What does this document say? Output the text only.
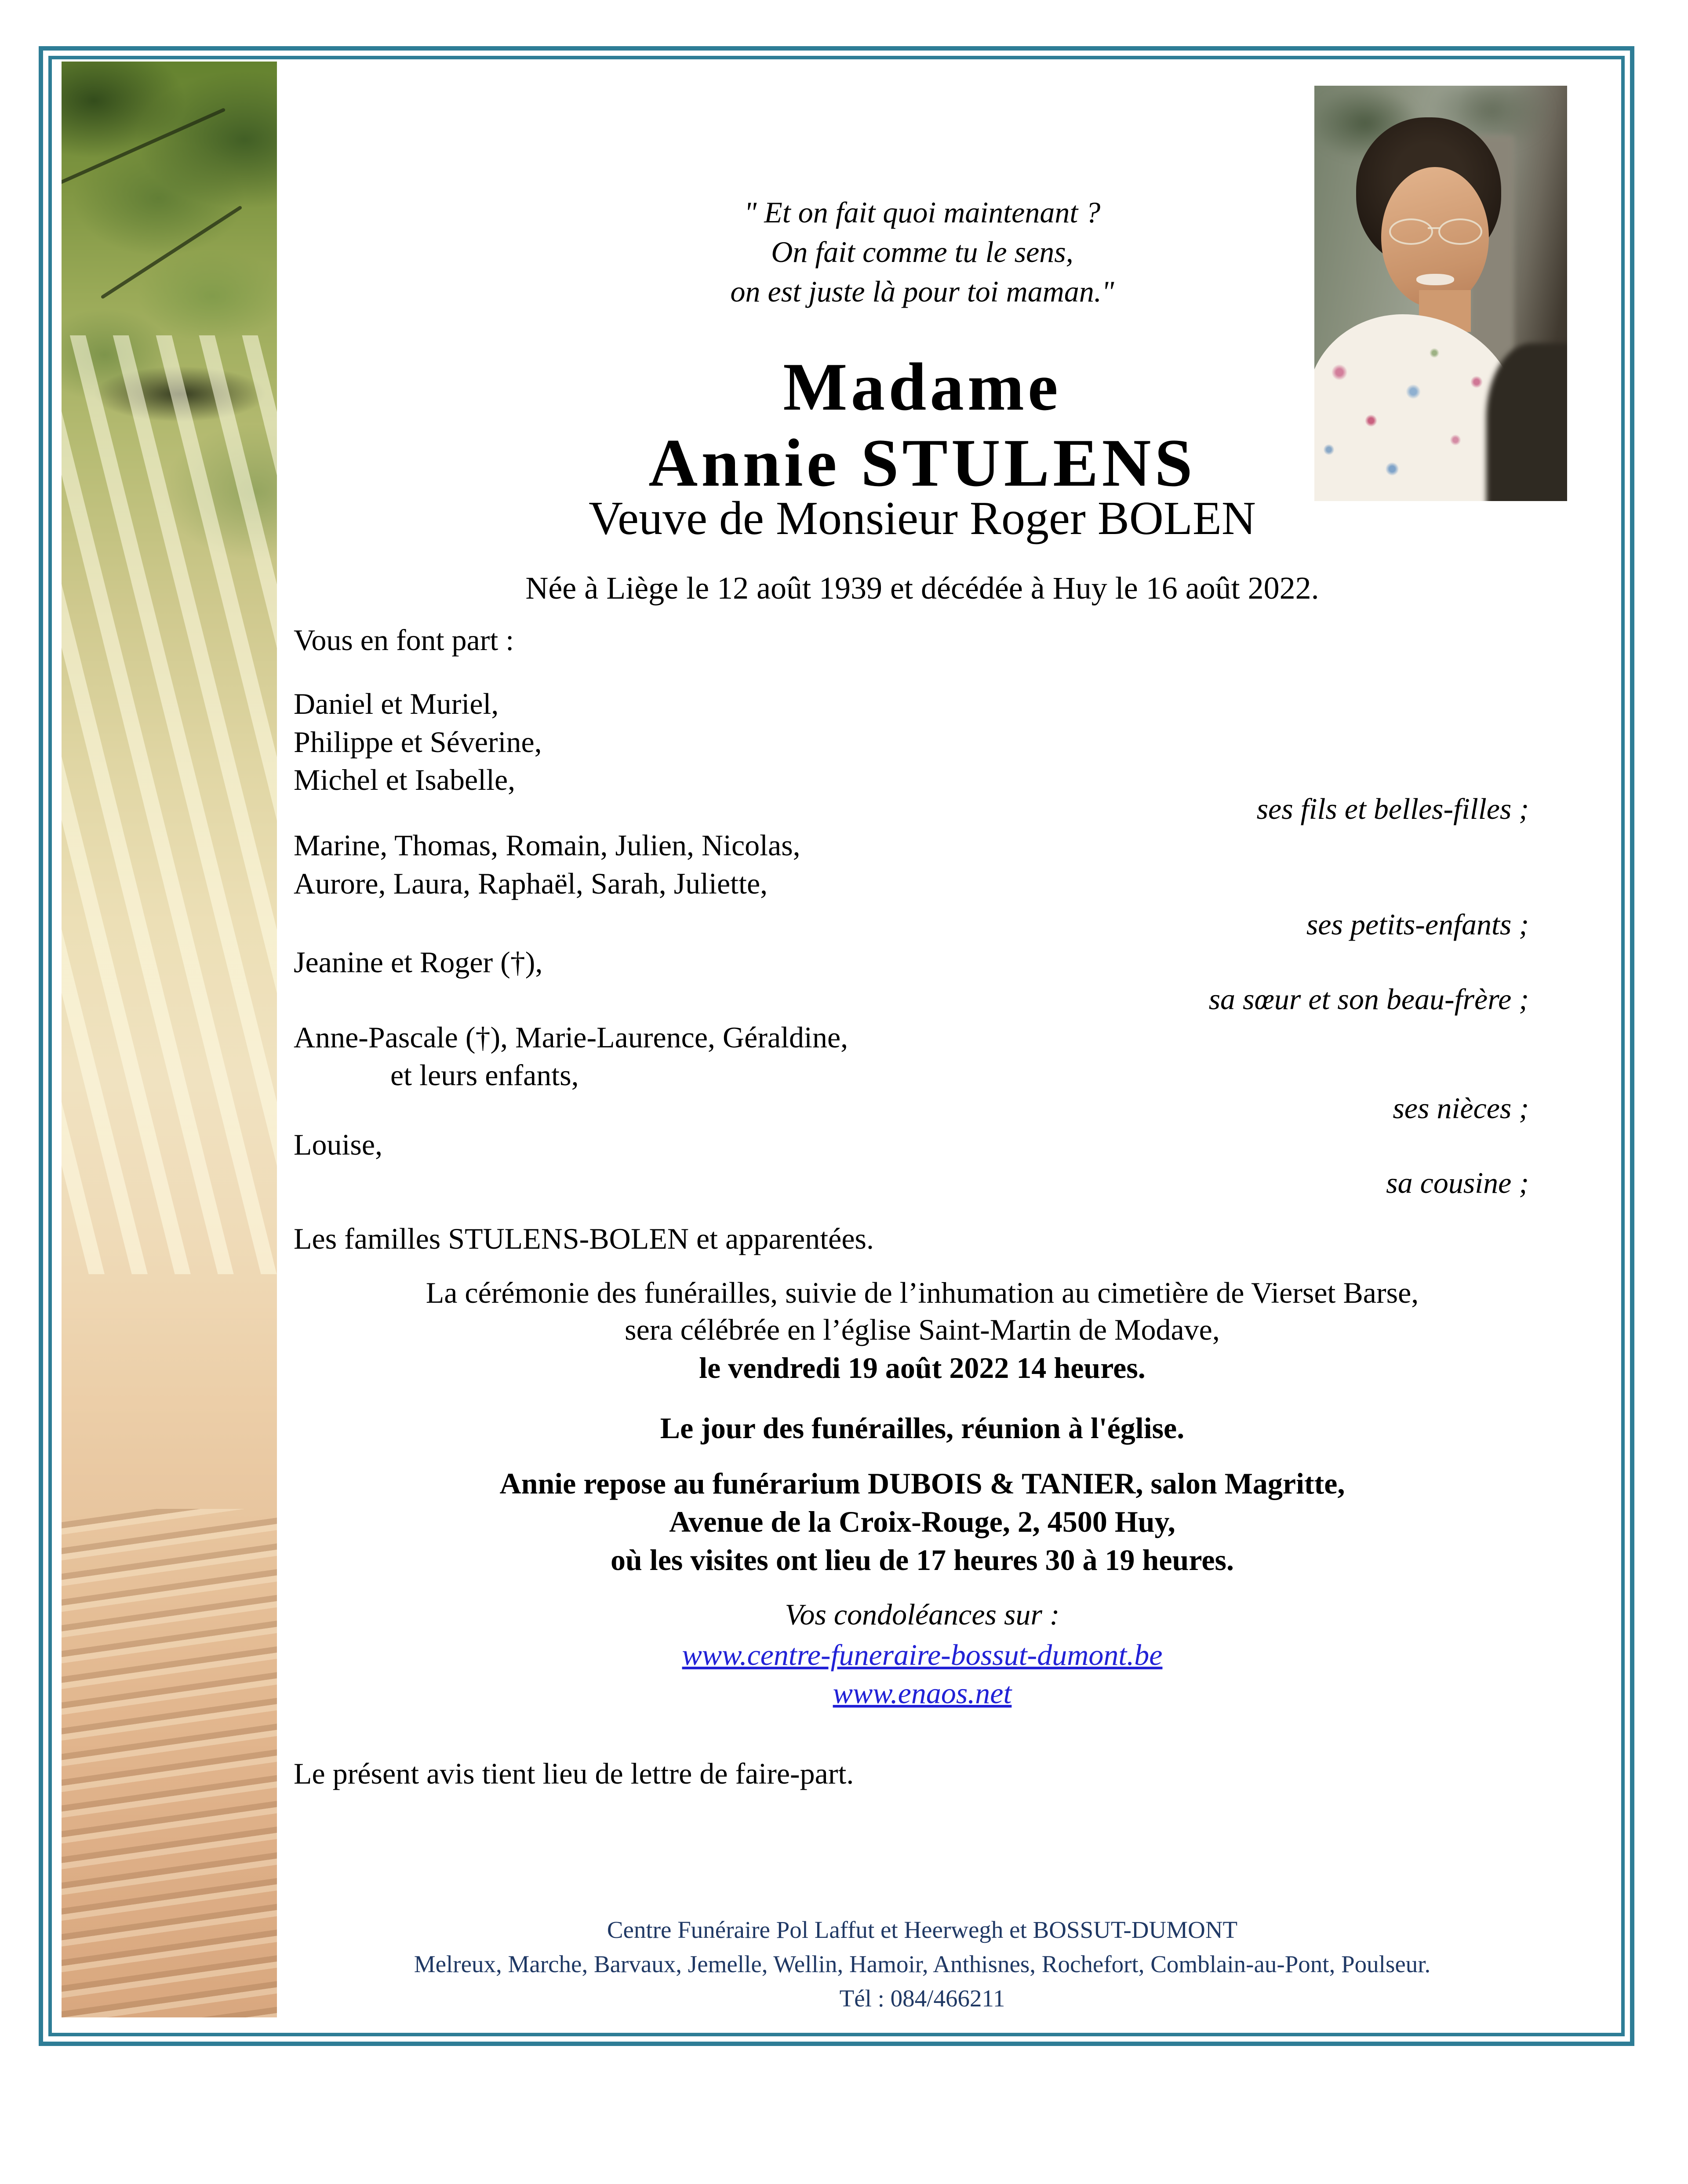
" Et on fait quoi maintenant ?
On fait comme tu le sens,
on est juste là pour toi maman."
Madame
Annie STULENS
Veuve de Monsieur Roger BOLEN
Née à Liège le 12 août 1939 et décédée à Huy le 16 août 2022.
Vous en font part :
Daniel et Muriel,
Philippe et Séverine,
Michel et Isabelle,
ses fils et belles-filles ;
Marine, Thomas, Romain, Julien, Nicolas,
Aurore, Laura, Raphaël, Sarah, Juliette,
ses petits-enfants ;
Jeanine et Roger (†),
sa sœur et son beau-frère ;
Anne-Pascale (†), Marie-Laurence, Géraldine,
et leurs enfants,
ses nièces ;
Louise,
sa cousine ;
Les familles STULENS-BOLEN et apparentées.
La cérémonie des funérailles, suivie de l’inhumation au cimetière de Vierset Barse,
sera célébrée en l’église Saint-Martin de Modave,
le vendredi 19 août 2022 14 heures.
Le jour des funérailles, réunion à l'église.
Annie repose au funérarium DUBOIS & TANIER, salon Magritte,
Avenue de la Croix-Rouge, 2, 4500 Huy,
où les visites ont lieu de 17 heures 30 à 19 heures.
Vos condoléances sur :
www.centre-funeraire-bossut-dumont.be
www.enaos.net
Le présent avis tient lieu de lettre de faire-part.
Centre Funéraire Pol Laffut et Heerwegh et BOSSUT-DUMONT
Melreux, Marche, Barvaux, Jemelle, Wellin, Hamoir, Anthisnes, Rochefort, Comblain-au-Pont, Poulseur.
Tél : 084/466211
